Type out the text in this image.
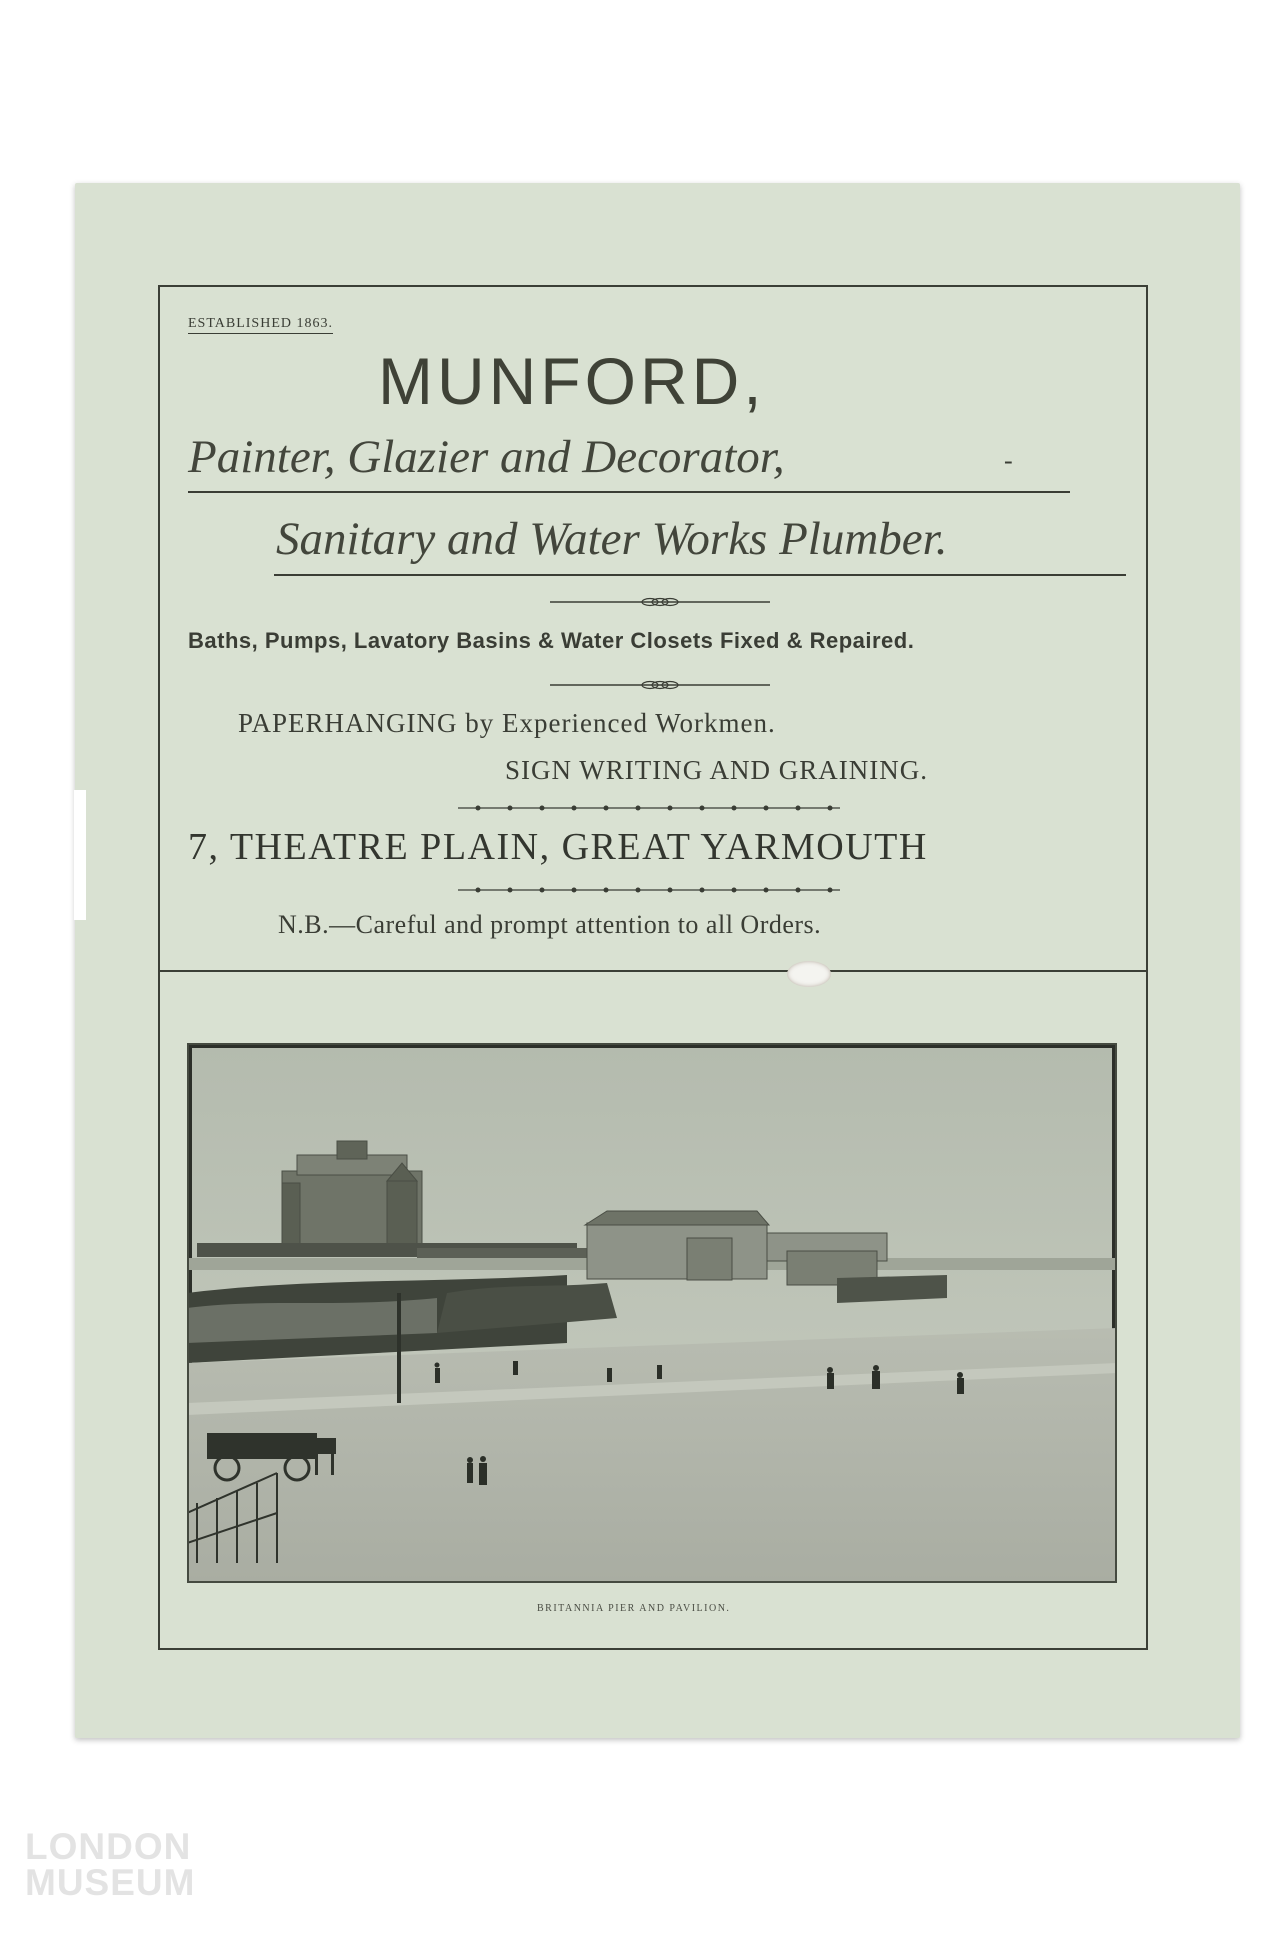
ESTABLISHED 1863.
MUNFORD,
Painter, Glazier and Decorator,	-
Sanitary and Water Works Plumber.
Baths, Pumps, Lavatory Basins & Water Closets Fixed & Repaired.
PAPERHANGING by Experienced Workmen.
SIGN WRITING AND GRAINING.
7, THEATRE PLAIN, GREAT YARMOUTH
N.B.—Careful and prompt attention to all Orders.
BRITANNIA PIER AND PAVILION.
LONDON
MUSEUM
